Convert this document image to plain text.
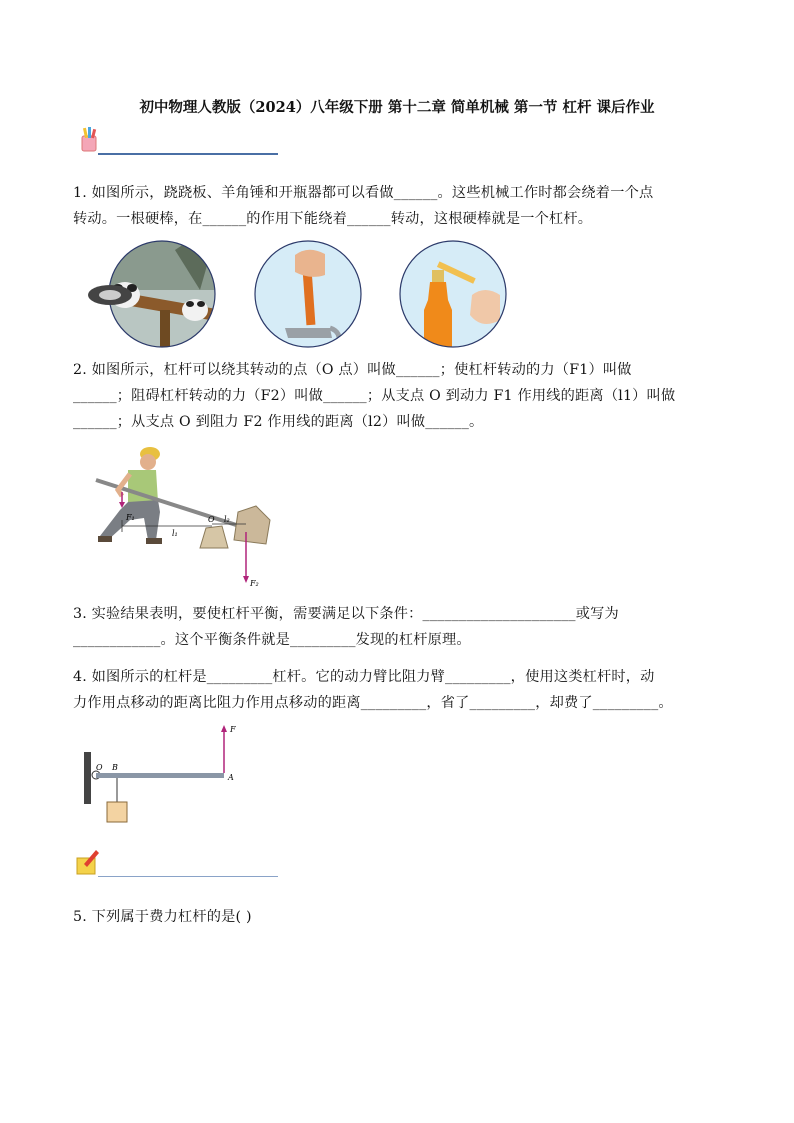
初中物理人教版（2024）八年级下册 第十二章 简单机械 第一节 杠杆 课后作业
1. 如图所示，跷跷板、羊角锤和开瓶器都可以看做______。这些机械工作时都会绕着一个点
转动。一根硬棒，在______的作用下能绕着______转动，这根硬棒就是一个杠杆。
2. 如图所示，杠杆可以绕其转动的点（O 点）叫做______；使杠杆转动的力（F1）叫做
______；阻碍杠杆转动的力（F2）叫做______；从支点 O 到动力 F1 作用线的距离（l1）叫做
______；从支点 O 到阻力 F2 作用线的距离（l2）叫做______。
F₁
l₁
O l₂
F₂
3. 实验结果表明，要使杠杆平衡，需要满足以下条件：_____________________或写为
____________。这个平衡条件就是_________发现的杠杆原理。
4. 如图所示的杠杆是_________杠杆。它的动力臂比阻力臂_________，使用这类杠杆时，动
力作用点移动的距离比阻力作用点移动的距离_________，省了_________，却费了_________。
F
O B
A
5. 下列属于费力杠杆的是( )
